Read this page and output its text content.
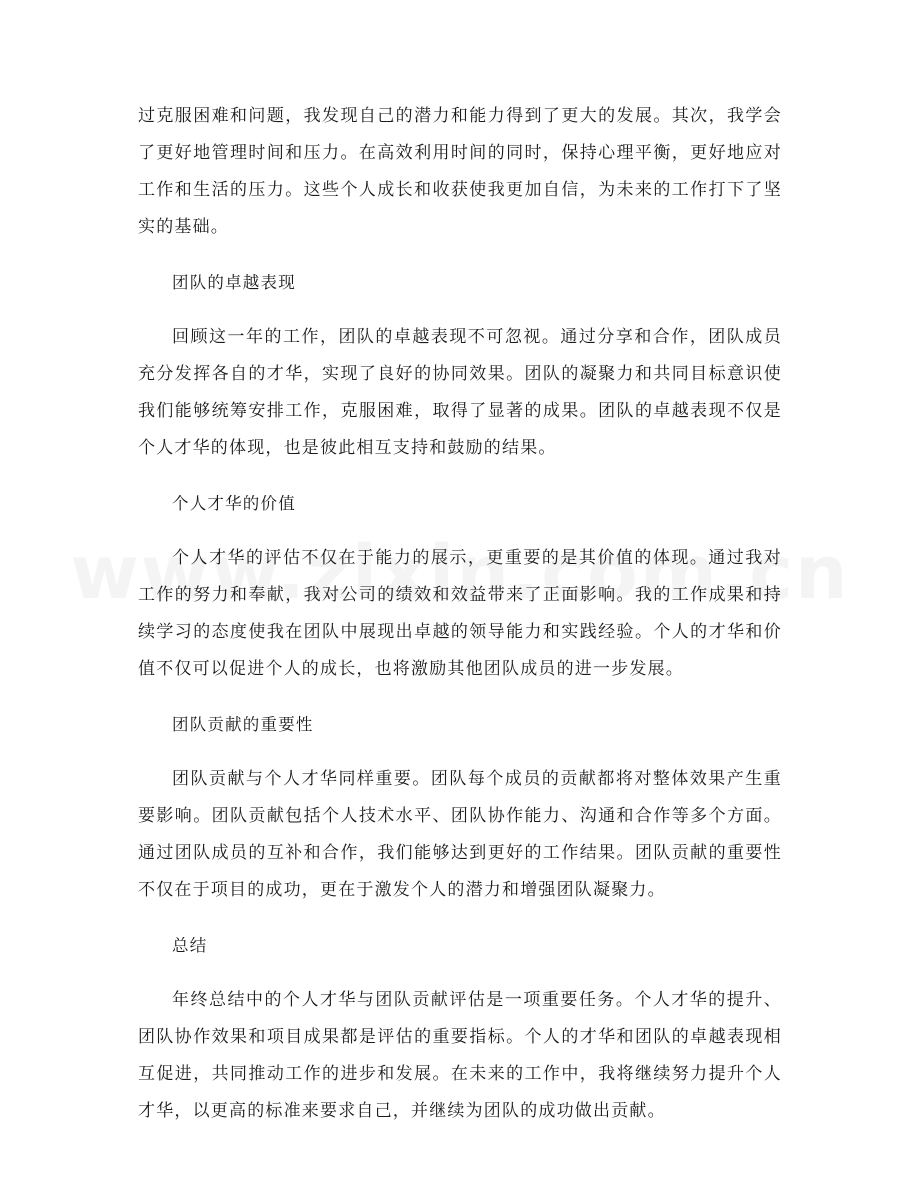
过克服困难和问题，我发现自己的潜力和能力得到了更大的发展。其次，我学会了更好地管理时间和压力。在高效利用时间的同时，保持心理平衡，更好地应对工作和生活的压力。这些个人成长和收获使我更加自信，为未来的工作打下了坚实的基础。

团队的卓越表现

回顾这一年的工作，团队的卓越表现不可忽视。通过分享和合作，团队成员充分发挥各自的才华，实现了良好的协同效果。团队的凝聚力和共同目标意识使我们能够统筹安排工作，克服困难，取得了显著的成果。团队的卓越表现不仅是个人才华的体现，也是彼此相互支持和鼓励的结果。

个人才华的价值

个人才华的评估不仅在于能力的展示，更重要的是其价值的体现。通过我对工作的努力和奉献，我对公司的绩效和效益带来了正面影响。我的工作成果和持续学习的态度使我在团队中展现出卓越的领导能力和实践经验。个人的才华和价值不仅可以促进个人的成长，也将激励其他团队成员的进一步发展。

团队贡献的重要性

团队贡献与个人才华同样重要。团队每个成员的贡献都将对整体效果产生重要影响。团队贡献包括个人技术水平、团队协作能力、沟通和合作等多个方面。通过团队成员的互补和合作，我们能够达到更好的工作结果。团队贡献的重要性不仅在于项目的成功，更在于激发个人的潜力和增强团队凝聚力。

总结

年终总结中的个人才华与团队贡献评估是一项重要任务。个人才华的提升、团队协作效果和项目成果都是评估的重要指标。个人的才华和团队的卓越表现相互促进，共同推动工作的进步和发展。在未来的工作中，我将继续努力提升个人才华，以更高的标准来要求自己，并继续为团队的成功做出贡献。
